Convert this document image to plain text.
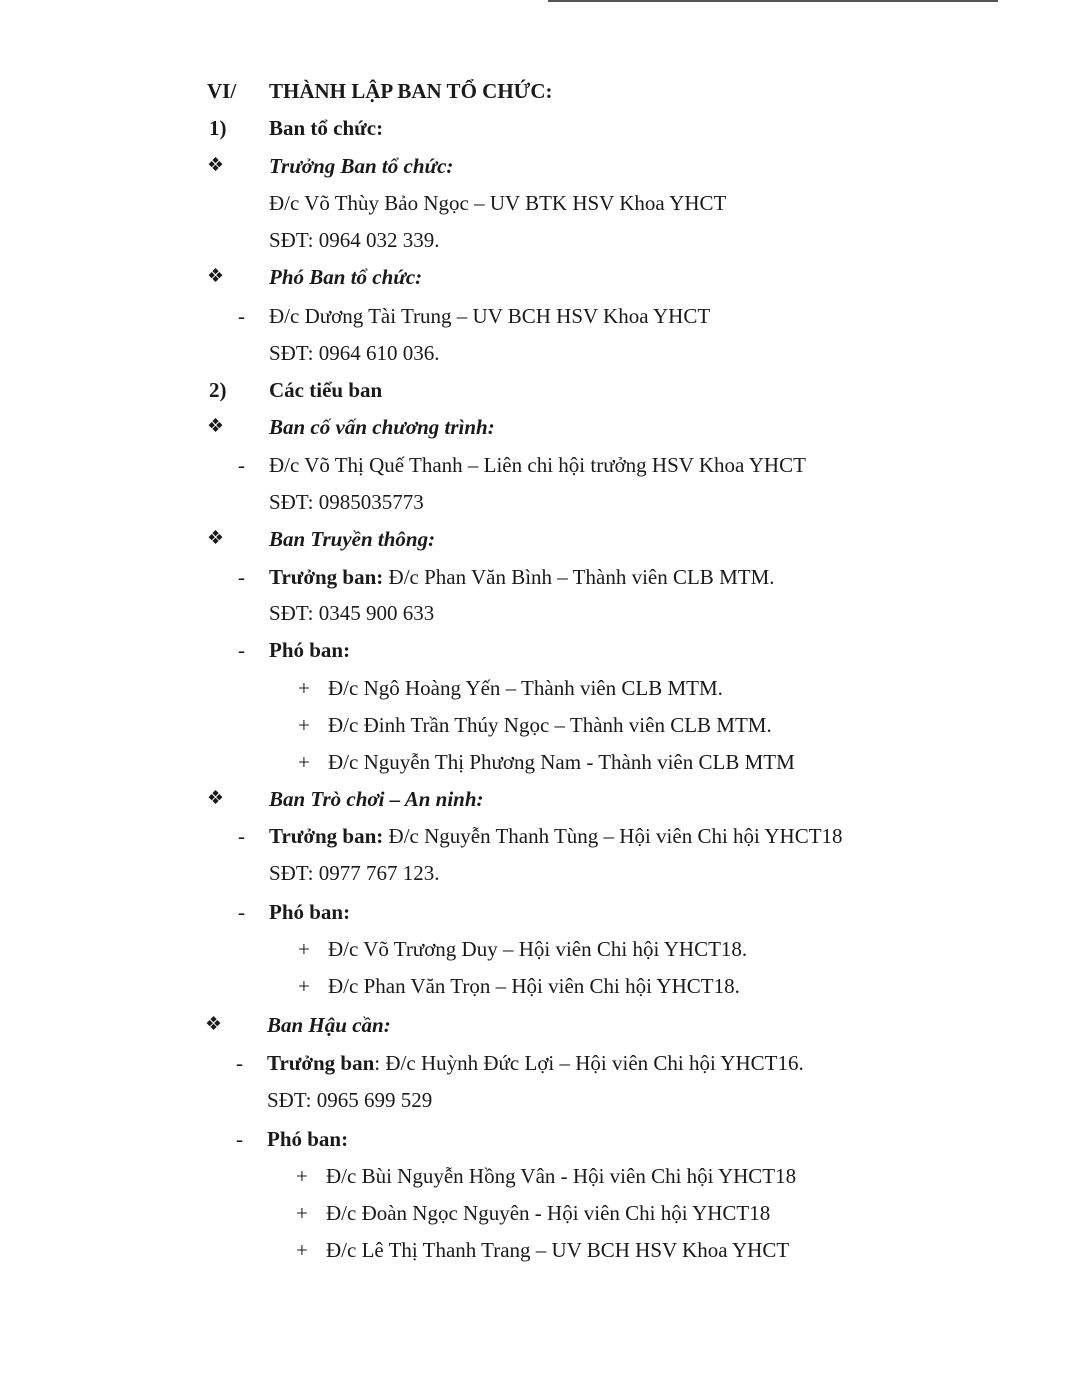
VI/ THÀNH LẬP BAN TỔ CHỨC:
1) Ban tổ chức:
❖ Trưởng Ban tổ chức:
Đ/c Võ Thùy Bảo Ngọc – UV BTK HSV Khoa YHCT
SĐT: 0964 032 339.
❖ Phó Ban tổ chức:
- Đ/c Dương Tài Trung – UV BCH HSV Khoa YHCT
SĐT: 0964 610 036.
2) Các tiểu ban
❖ Ban cố vấn chương trình:
- Đ/c Võ Thị Quế Thanh – Liên chi hội trưởng HSV Khoa YHCT
SĐT: 0985035773
❖ Ban Truyền thông:
- Trưởng ban: Đ/c Phan Văn Bình – Thành viên CLB MTM.
SĐT: 0345 900 633
- Phó ban:
+ Đ/c Ngô Hoàng Yến – Thành viên CLB MTM.
+ Đ/c Đinh Trần Thúy Ngọc – Thành viên CLB MTM.
+ Đ/c Nguyễn Thị Phương Nam - Thành viên CLB MTM
❖ Ban Trò chơi – An ninh:
- Trưởng ban: Đ/c Nguyễn Thanh Tùng – Hội viên Chi hội YHCT18
SĐT: 0977 767 123.
- Phó ban:
+ Đ/c Võ Trương Duy – Hội viên Chi hội YHCT18.
+ Đ/c Phan Văn Trọn – Hội viên Chi hội YHCT18.
❖ Ban Hậu cần:
- Trưởng ban: Đ/c Huỳnh Đức Lợi – Hội viên Chi hội YHCT16.
SĐT: 0965 699 529
- Phó ban:
+ Đ/c Bùi Nguyễn Hồng Vân - Hội viên Chi hội YHCT18
+ Đ/c Đoàn Ngọc Nguyên - Hội viên Chi hội YHCT18
+ Đ/c Lê Thị Thanh Trang – UV BCH HSV Khoa YHCT
